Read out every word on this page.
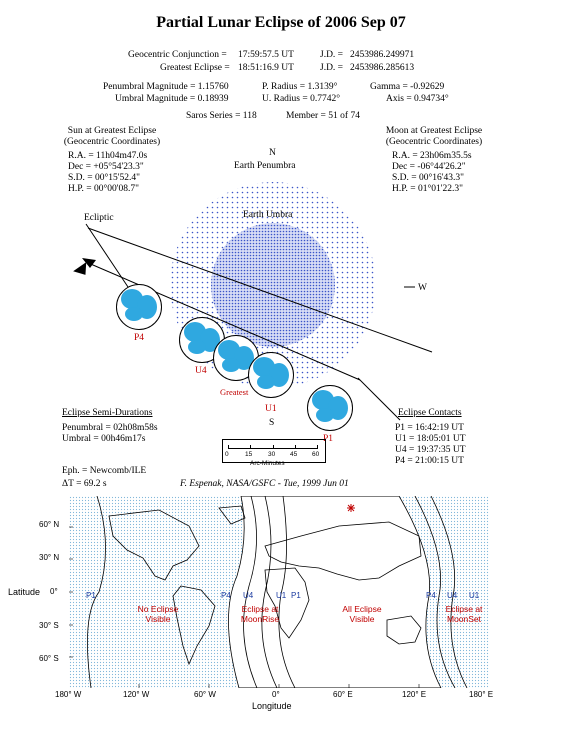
Partial Lunar Eclipse of 2006 Sep 07
Geocentric Conjunction = 17:59:57.5 UT	J.D. = 2453986.249971
Greatest Eclipse = 18:51:16.9 UT	J.D. = 2453986.285613
Penumbral Magnitude = 1.15760
Umbral Magnitude = 0.18939
P. Radius = 1.3139°
U. Radius = 0.7742°
Gamma = -0.92629
Axis = 0.94734°
Saros Series = 118	Member = 51 of 74
Sun at Greatest Eclipse
(Geocentric Coordinates)
R.A. = 11h04m47.0s
Dec = +05°54'23.3"
S.D. = 00°15'52.4"
H.P. = 00°00'08.7"
Moon at Greatest Eclipse
(Geocentric Coordinates)
R.A. = 23h06m35.5s
Dec = -06°44'26.2"
S.D. = 00°16'43.3"
H.P. = 01°01'22.3"
N
Earth Penumbra
Earth Umbra
Ecliptic
W
S
P4
U4
Greatest
U1
P1
Eclipse Semi-Durations
Penumbral = 02h08m58s
Umbral = 00h46m17s
Eclipse Contacts
P1 = 16:42:19 UT
U1 = 18:05:01 UT
U4 = 19:37:35 UT
P4 = 21:00:15 UT
0	15 30 45 60
Arc-Minutes
Eph. = Newcomb/ILE
ΔT = 69.2 s	F. Espenak, NASA/GSFC - Tue, 1999 Jun 01
60° N
30° N
0°
30° S
60° S
Latitude
180° W	120° W	60° W	0°	60° E	120° E	180° E
Longitude
P1	U4
P4	U1 P1	P4 U4 U1
No Eclipse
Visible
Eclipse at
MoonRise
All Eclipse
Visible
Eclipse at
MoonSet
